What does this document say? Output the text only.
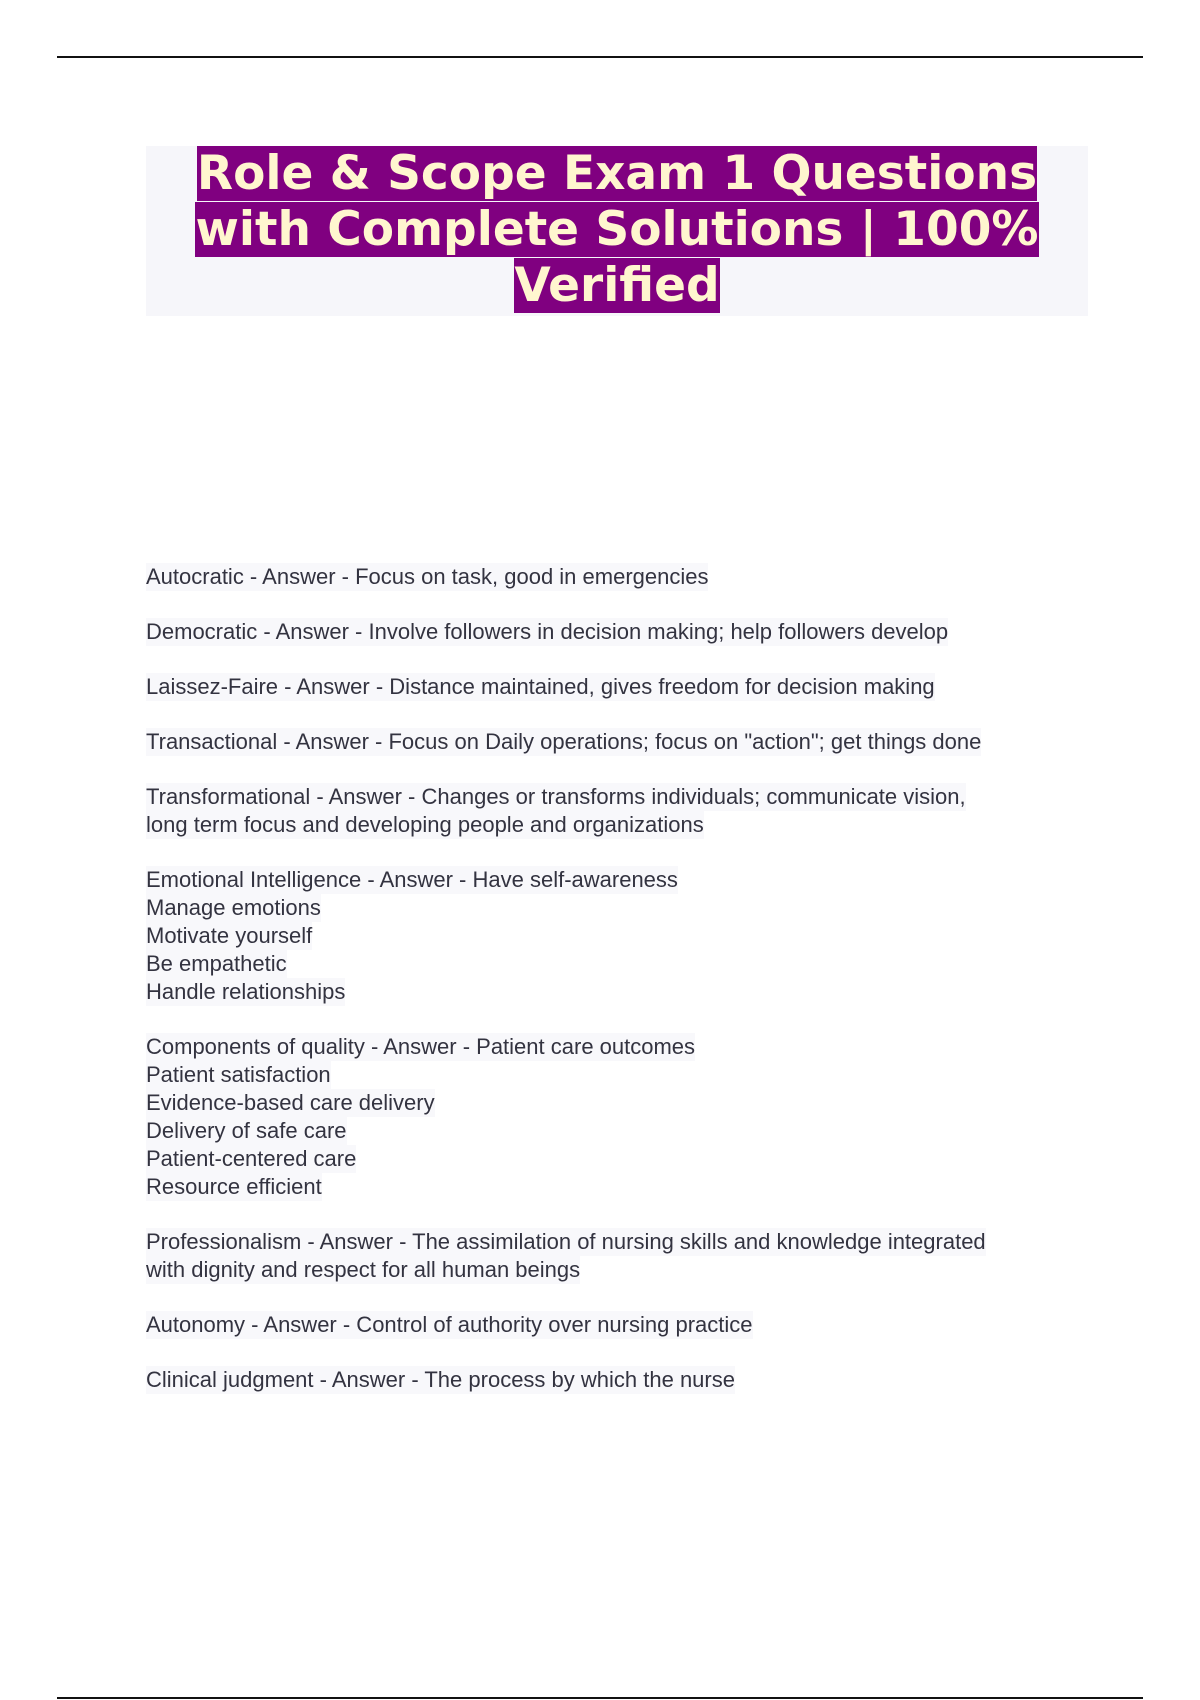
Role & Scope Exam 1 Questions with Complete Solutions | 100% Verified
Autocratic - Answer - Focus on task, good in emergencies
Democratic - Answer - Involve followers in decision making; help followers develop
Laissez-Faire - Answer - Distance maintained, gives freedom for decision making
Transactional - Answer - Focus on Daily operations; focus on "action"; get things done
Transformational - Answer - Changes or transforms individuals; communicate vision,
long term focus and developing people and organizations
Emotional Intelligence - Answer - Have self-awareness
Manage emotions
Motivate yourself
Be empathetic
Handle relationships
Components of quality - Answer - Patient care outcomes
Patient satisfaction
Evidence-based care delivery
Delivery of safe care
Patient-centered care
Resource efficient
Professionalism - Answer - The assimilation of nursing skills and knowledge integrated
with dignity and respect for all human beings
Autonomy - Answer - Control of authority over nursing practice
Clinical judgment - Answer - The process by which the nurse
